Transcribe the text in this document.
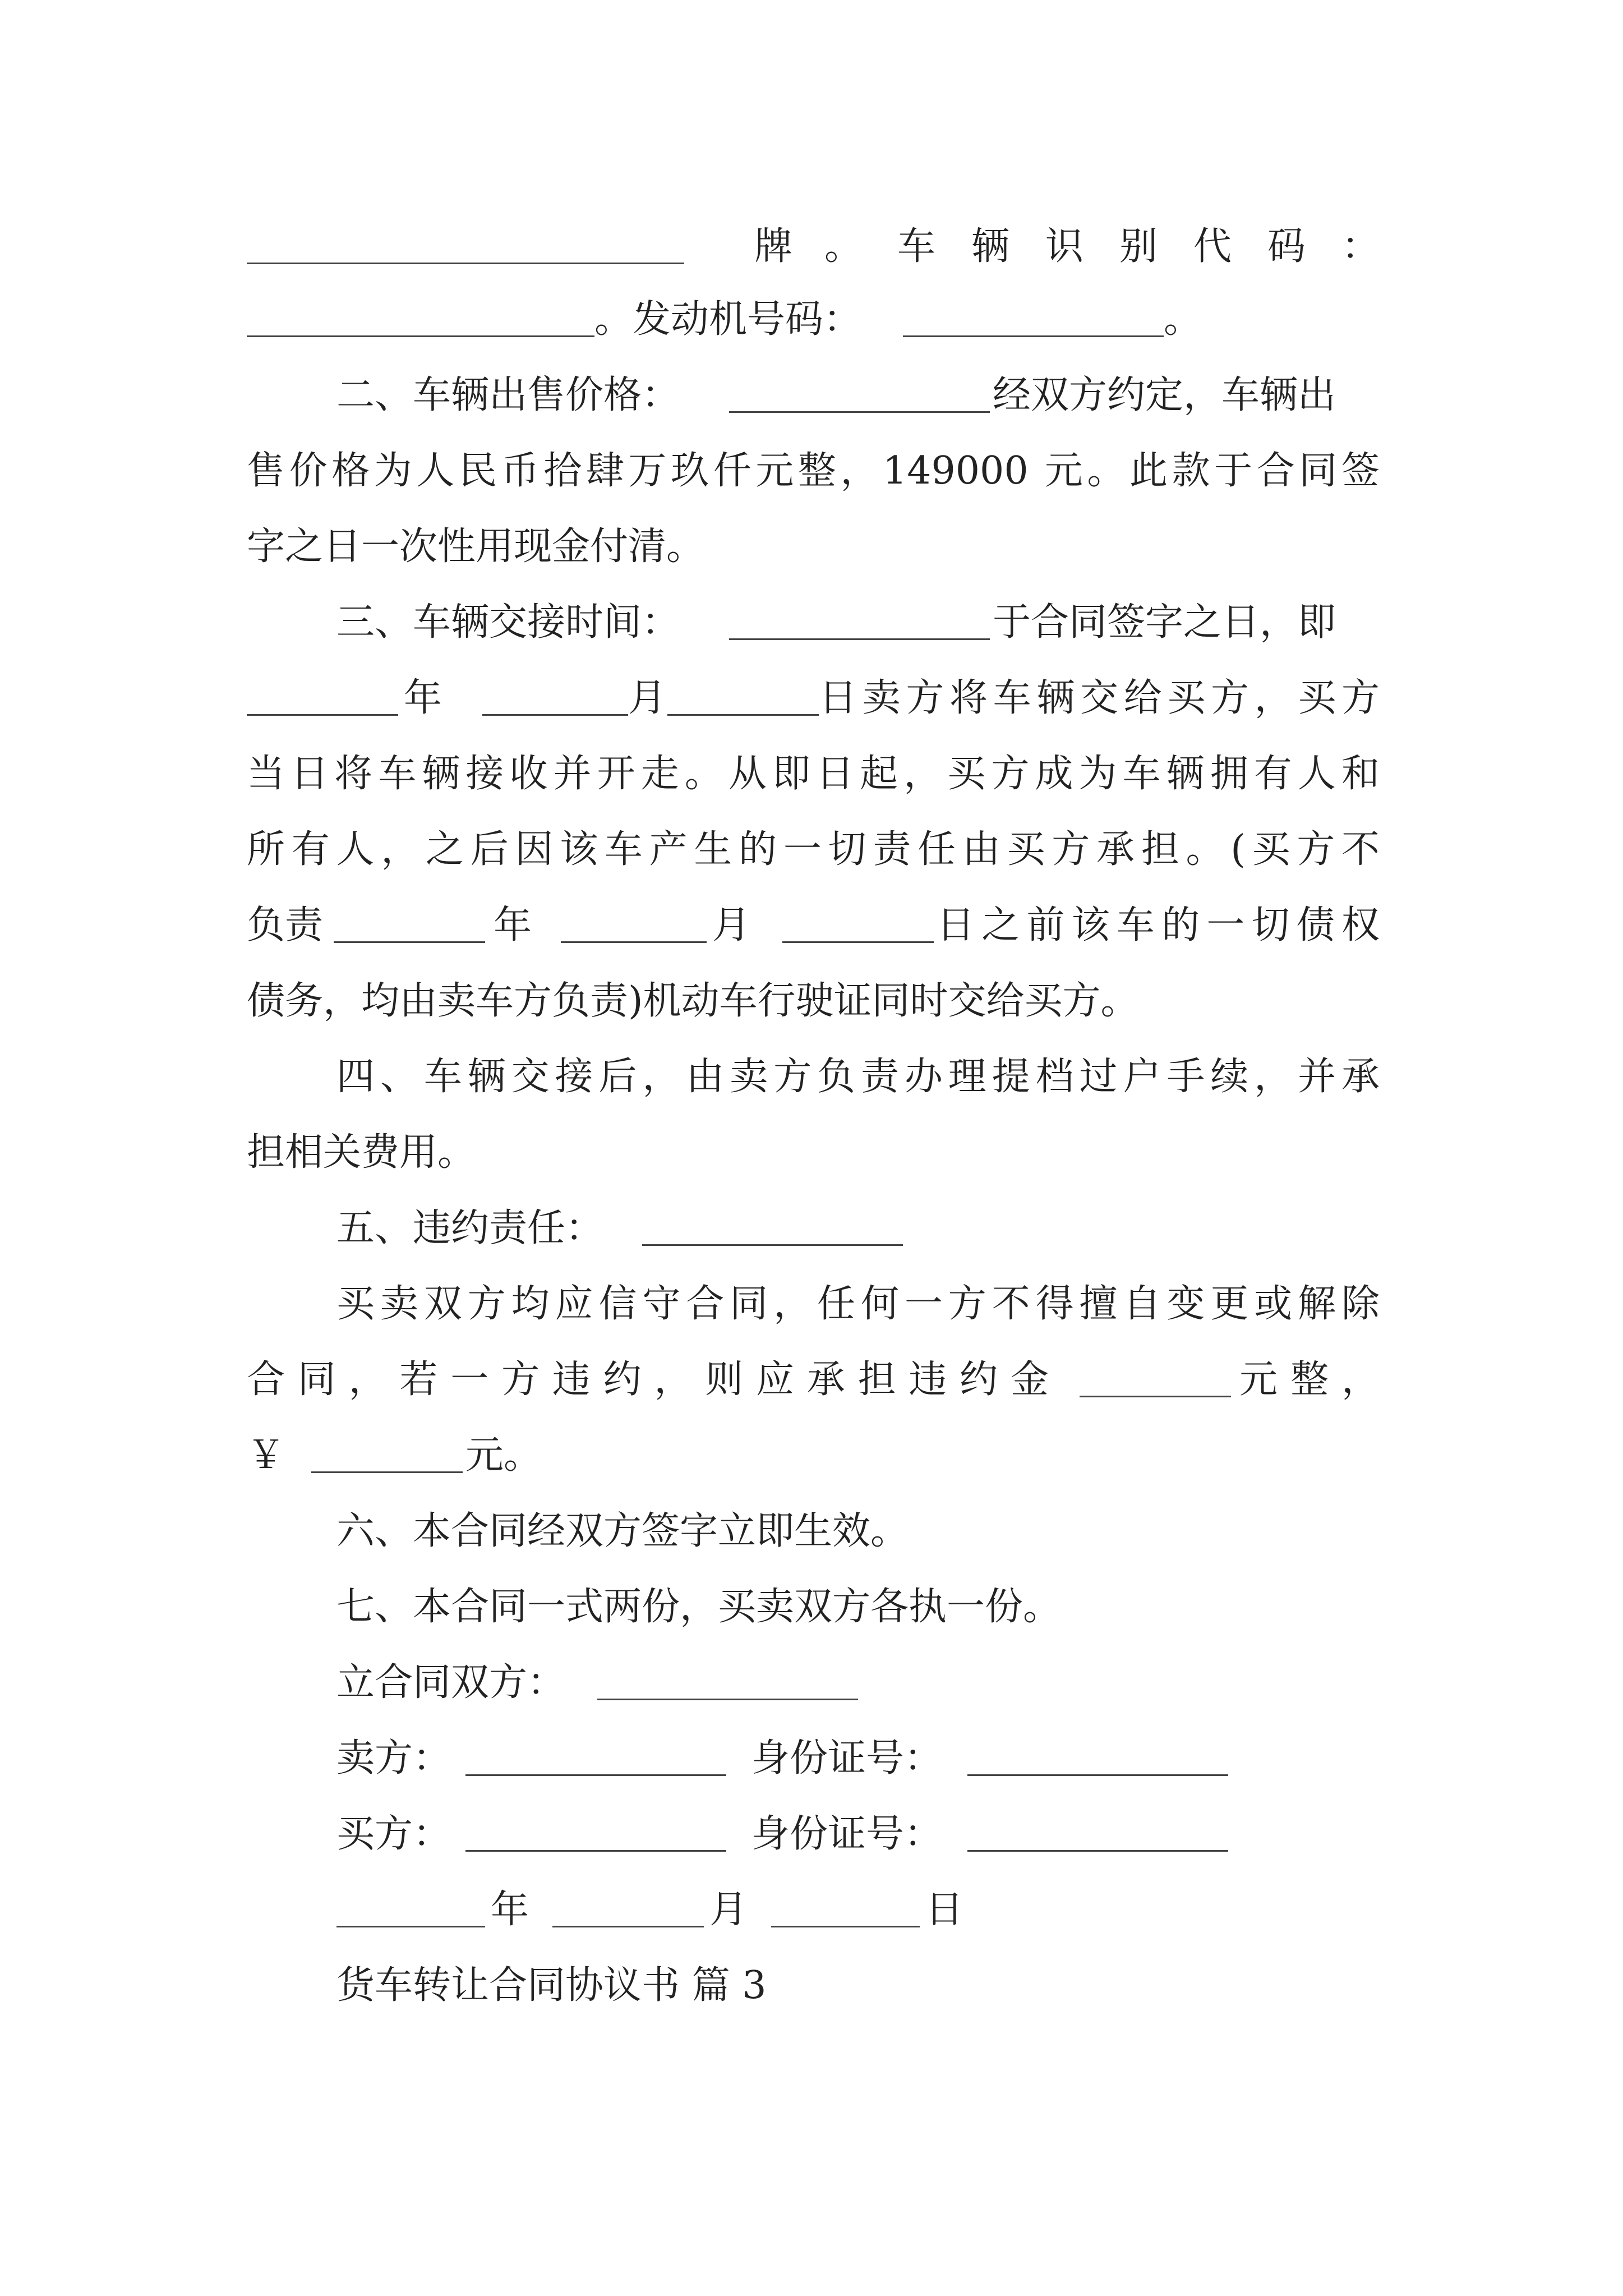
牌 。 车辆识别代码：
。发动机号码：	。
二、车辆出售价格：	经双方约定，车辆出
售价格为人民币拾肆万玖仟元整，149000 元。此款于合同签
字之日一次性用现金付清。
三、车辆交接时间：	于合同签字之日，即
年	月	日卖方将车辆交给买方，买方
当日将车辆接收并开走。从即日起，买方成为车辆拥有人和
所有人，之后因该车产生的一切责任由买方承担。(买方不
负责	年	月	日之前该车的一切债权
债务，均由卖车方负责)机动车行驶证同时交给买方。
四、车辆交接后，由卖方负责办理提档过户手续，并承
担相关费用。
五、违约责任：
买卖双方均应信守合同，任何一方不得擅自变更或解除
合同，若一方违约，则应承担违约金	元整，
￥	元。
六、本合同经双方签字立即生效。
七、本合同一式两份，买卖双方各执一份。
立合同双方：
卖方：	身份证号：
买方：	身份证号：
年	月	日
货车转让合同协议书 篇 3
